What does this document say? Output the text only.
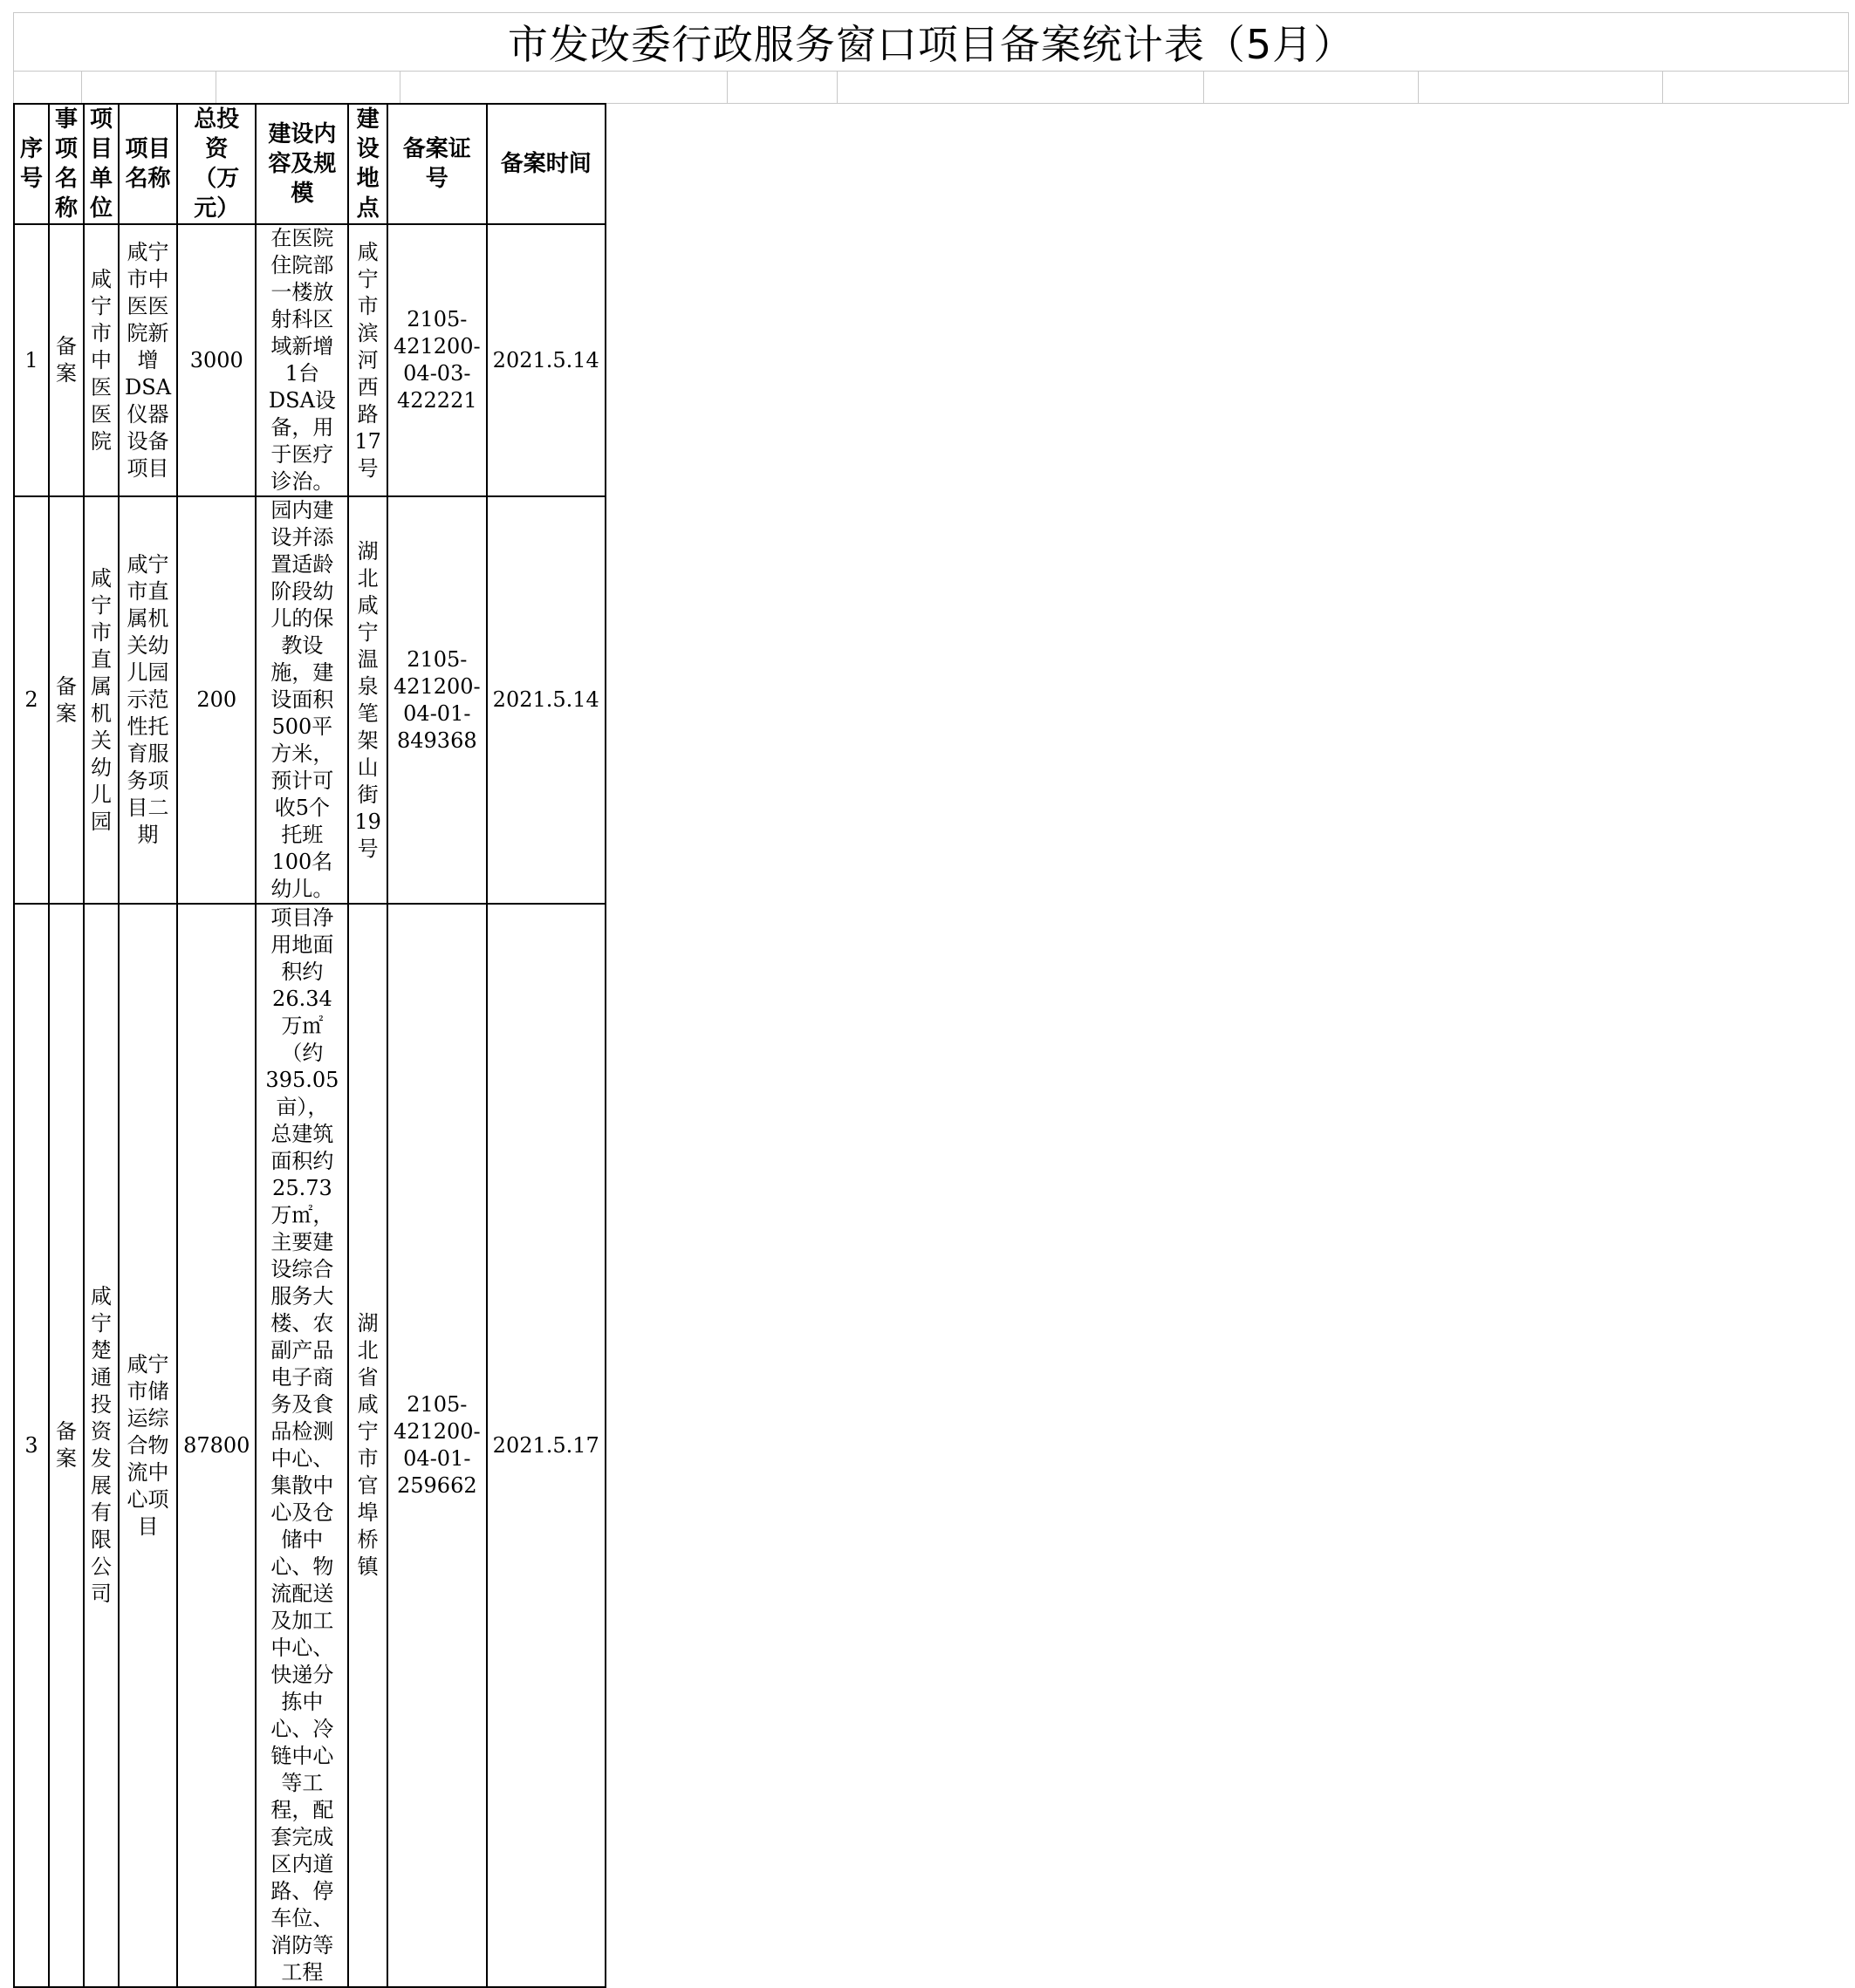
市发改委行政服务窗口项目备案统计表（5月）
序号	事项名称	项目单位	项目名称	总投资（万元）	建设内容及规模	建设地点	备案证号	备案时间
1	备案	咸宁市中医医院	咸宁市中医医院新增DSA仪器设备项目	3000	在医院住院部一楼放射科区域新增1台DSA设备，用于医疗诊治。	咸宁市滨河西路17号	2105-421200-04-03-422221	2021.5.14
2	备案	咸宁市直属机关幼儿园	咸宁市直属机关幼儿园示范性托育服务项目二期	200	园内建设并添置适龄阶段幼儿的保教设施，建设面积500平方米，预计可收5个托班100名幼儿。	湖北咸宁温泉笔架山街19号	2105-421200-04-01-849368	2021.5.14
3	备案	咸宁楚通投资发展有限公司	咸宁市储运综合物流中心项目	87800	项目净用地面积约26.34万㎡（约395.05亩），总建筑面积约25.73万㎡，主要建设综合服务大楼、农副产品电子商务及食品检测中心、集散中心及仓储中心、物流配送及加工中心、快递分拣中心、冷链中心等工程，配套完成区内道路、停车位、消防等工程	湖北省咸宁市官埠桥镇	2105-421200-04-01-259662	2021.5.17
